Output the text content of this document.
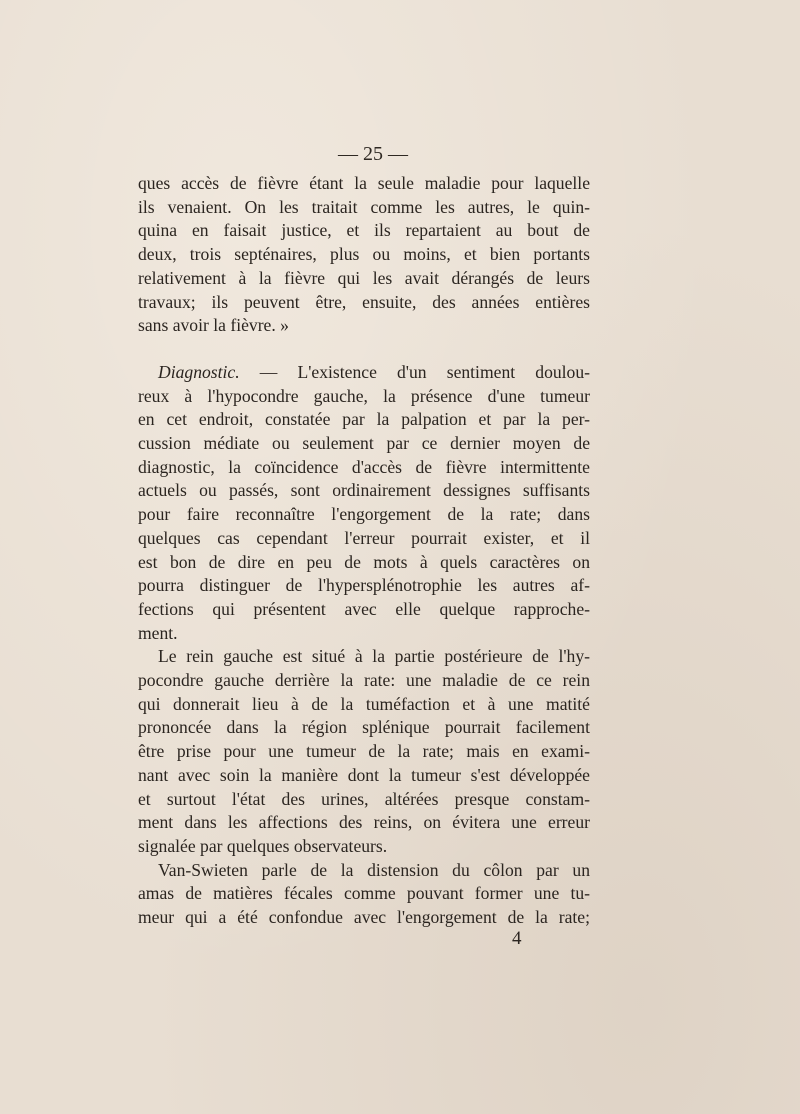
— 25 —
ques accès de fièvre étant la seule maladie pour laquelle
ils venaient. On les traitait comme les autres, le quin-
quina en faisait justice, et ils repartaient au bout de
deux, trois septénaires, plus ou moins, et bien portants
relativement à la fièvre qui les avait dérangés de leurs
travaux; ils peuvent être, ensuite, des années entières
sans avoir la fièvre. »
Diagnostic. — L'existence d'un sentiment doulou-
reux à l'hypocondre gauche, la présence d'une tumeur
en cet endroit, constatée par la palpation et par la per-
cussion médiate ou seulement par ce dernier moyen de
diagnostic, la coïncidence d'accès de fièvre intermittente
actuels ou passés, sont ordinairement dessignes suffisants
pour faire reconnaître l'engorgement de la rate; dans
quelques cas cependant l'erreur pourrait exister, et il
est bon de dire en peu de mots à quels caractères on
pourra distinguer de l'hypersplénotrophie les autres af-
fections qui présentent avec elle quelque rapproche-
ment.
Le rein gauche est situé à la partie postérieure de l'hy-
pocondre gauche derrière la rate: une maladie de ce rein
qui donnerait lieu à de la tuméfaction et à une matité
prononcée dans la région splénique pourrait facilement
être prise pour une tumeur de la rate; mais en exami-
nant avec soin la manière dont la tumeur s'est développée
et surtout l'état des urines, altérées presque constam-
ment dans les affections des reins, on évitera une erreur
signalée par quelques observateurs.
Van-Swieten parle de la distension du côlon par un
amas de matières fécales comme pouvant former une tu-
meur qui a été confondue avec l'engorgement de la rate;
4
